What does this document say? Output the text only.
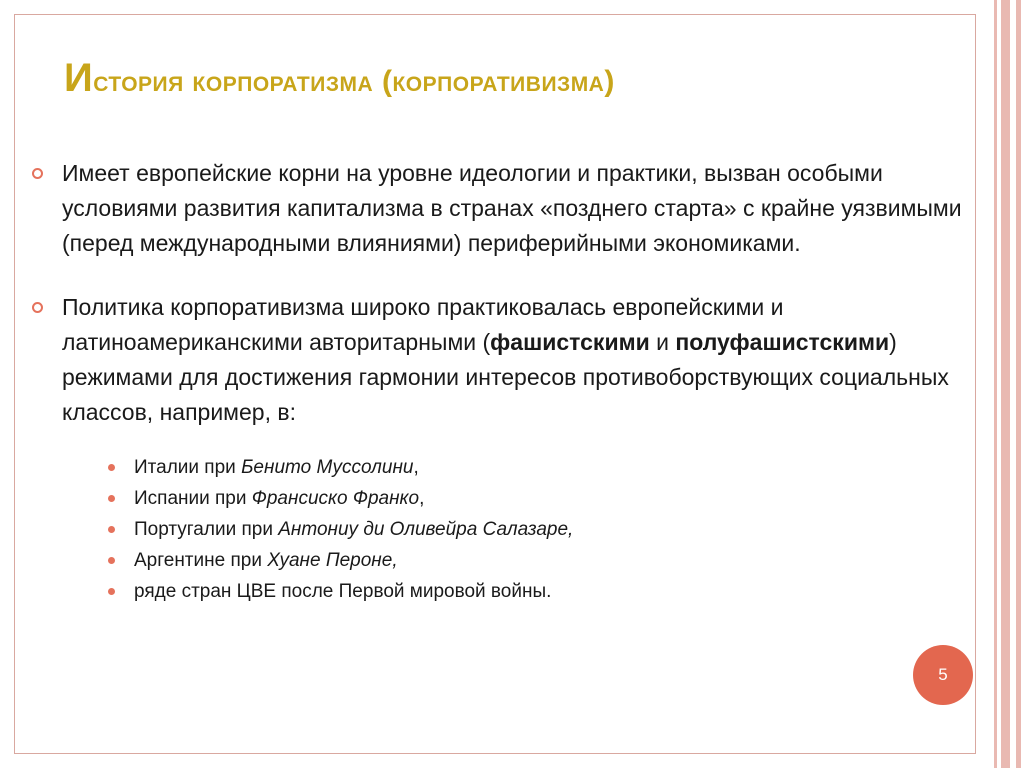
История корпоратизма (корпоративизма)
Имеет европейские корни на уровне идеологии и практики, вызван особыми условиями развития капитализма в странах «позднего старта» с крайне уязвимыми (перед международными влияниями) периферийными экономиками.
Политика корпоративизма широко практиковалась европейскими и латиноамериканскими авторитарными (фашистскими и полуфашистскими) режимами для достижения гармонии интересов противоборствующих социальных классов, например, в:
Италии при Бенито Муссолини,
Испании при Франсиско Франко,
Португалии при Антониу ди Оливейра Салазаре,
Аргентине при Хуане Пероне,
ряде стран ЦВЕ после Первой мировой войны.
5
